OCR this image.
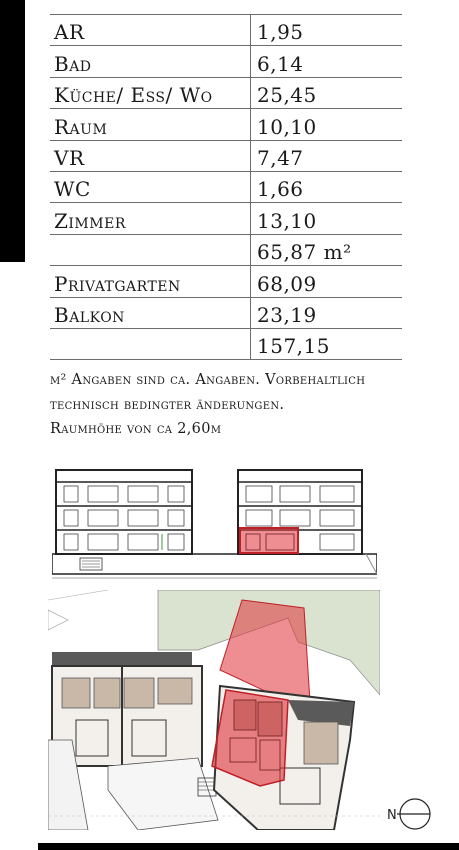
AR	1,95
Bad	6,14
Küche/ Ess/ Wo	25,45
Raum	10,10
VR	7,47
WC	1,66
Zimmer	13,10
	65,87 m²
Privatgarten	68,09
Balkon	23,19
	157,15
m² Angaben sind ca. Angaben. Vorbehaltlich
technisch bedingter änderungen.
Raumhöhe von ca 2,60m
N
